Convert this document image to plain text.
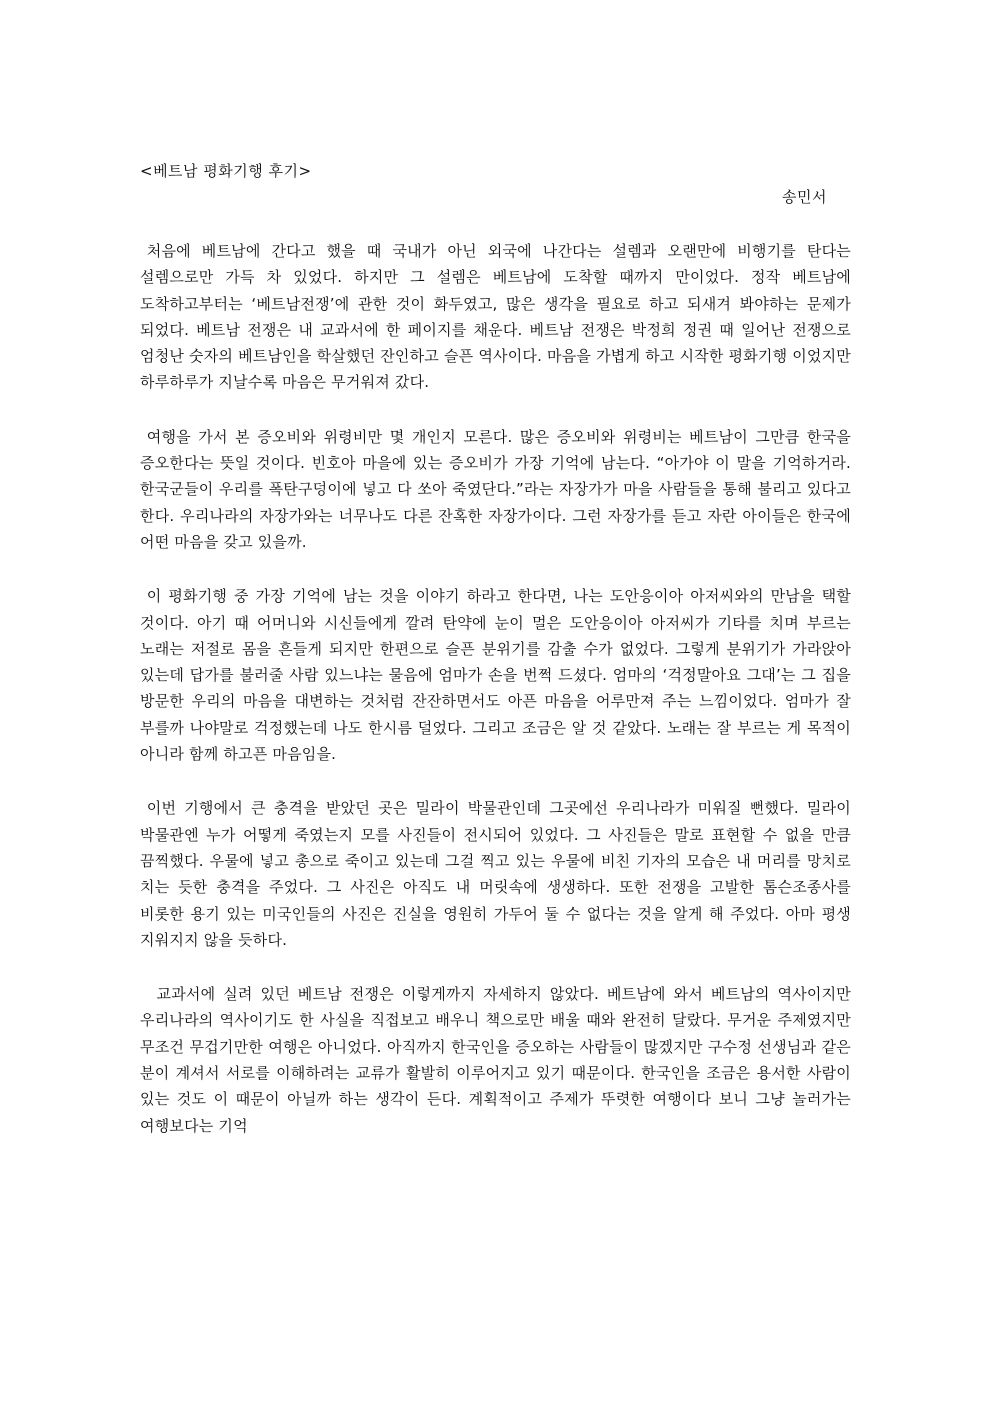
<베트남 평화기행 후기>
송민서

처음에 베트남에 간다고 했을 때 국내가 아닌 외국에 나간다는 설렘과 오랜만에 비행기를 탄다는 설렘으로만 가득 차 있었다. 하지만 그 설렘은 베트남에 도착할 때까지 만이었다. 정작 베트남에 도착하고부터는 ‘베트남전쟁’에 관한 것이 화두였고, 많은 생각을 필요로 하고 되새겨 봐야하는 문제가 되었다. 베트남 전쟁은 내 교과서에 한 페이지를 채운다. 베트남 전쟁은 박정희 정권 때 일어난 전쟁으로 엄청난 숫자의 베트남인을 학살했던 잔인하고 슬픈 역사이다. 마음을 가볍게 하고 시작한 평화기행 이었지만 하루하루가 지날수록 마음은 무거워져 갔다.

여행을 가서 본 증오비와 위령비만 몇 개인지 모른다. 많은 증오비와 위령비는 베트남이 그만큼 한국을 증오한다는 뜻일 것이다. 빈호아 마을에 있는 증오비가 가장 기억에 남는다. “아가야 이 말을 기억하거라. 한국군들이 우리를 폭탄구덩이에 넣고 다 쏘아 죽였단다.”라는 자장가가 마을 사람들을 통해 불리고 있다고 한다. 우리나라의 자장가와는 너무나도 다른 잔혹한 자장가이다. 그런 자장가를 듣고 자란 아이들은 한국에 어떤 마음을 갖고 있을까.

이 평화기행 중 가장 기억에 남는 것을 이야기 하라고 한다면, 나는 도안응이아 아저씨와의 만남을 택할 것이다. 아기 때 어머니와 시신들에게 깔려 탄약에 눈이 멀은 도안응이아 아저씨가 기타를 치며 부르는 노래는 저절로 몸을 흔들게 되지만 한편으로 슬픈 분위기를 감출 수가 없었다. 그렇게 분위기가 가라앉아 있는데 답가를 불러줄 사람 있느냐는 물음에 엄마가 손을 번쩍 드셨다. 엄마의 ‘걱정말아요 그대’는 그 집을 방문한 우리의 마음을 대변하는 것처럼 잔잔하면서도 아픈 마음을 어루만져 주는 느낌이었다. 엄마가 잘 부를까 나야말로 걱정했는데 나도 한시름 덜었다. 그리고 조금은 알 것 같았다. 노래는 잘 부르는 게 목적이 아니라 함께 하고픈 마음임을.

이번 기행에서 큰 충격을 받았던 곳은 밀라이 박물관인데 그곳에선 우리나라가 미워질 뻔했다. 밀라이 박물관엔 누가 어떻게 죽였는지 모를 사진들이 전시되어 있었다. 그 사진들은 말로 표현할 수 없을 만큼 끔찍했다. 우물에 넣고 총으로 죽이고 있는데 그걸 찍고 있는 우물에 비친 기자의 모습은 내 머리를 망치로 치는 듯한 충격을 주었다. 그 사진은 아직도 내 머릿속에 생생하다. 또한 전쟁을 고발한 톰슨조종사를 비롯한 용기 있는 미국인들의 사진은 진실을 영원히 가두어 둘 수 없다는 것을 알게 해 주었다. 아마 평생 지워지지 않을 듯하다.

교과서에 실려 있던 베트남 전쟁은 이렇게까지 자세하지 않았다. 베트남에 와서 베트남의 역사이지만 우리나라의 역사이기도 한 사실을 직접보고 배우니 책으로만 배울 때와 완전히 달랐다. 무거운 주제였지만 무조건 무겁기만한 여행은 아니었다. 아직까지 한국인을 증오하는 사람들이 많겠지만 구수정 선생님과 같은 분이 계셔서 서로를 이해하려는 교류가 활발히 이루어지고 있기 때문이다. 한국인을 조금은 용서한 사람이 있는 것도 이 때문이 아닐까 하는 생각이 든다. 계획적이고 주제가 뚜렷한 여행이다 보니 그냥 놀러가는 여행보다는 기억
